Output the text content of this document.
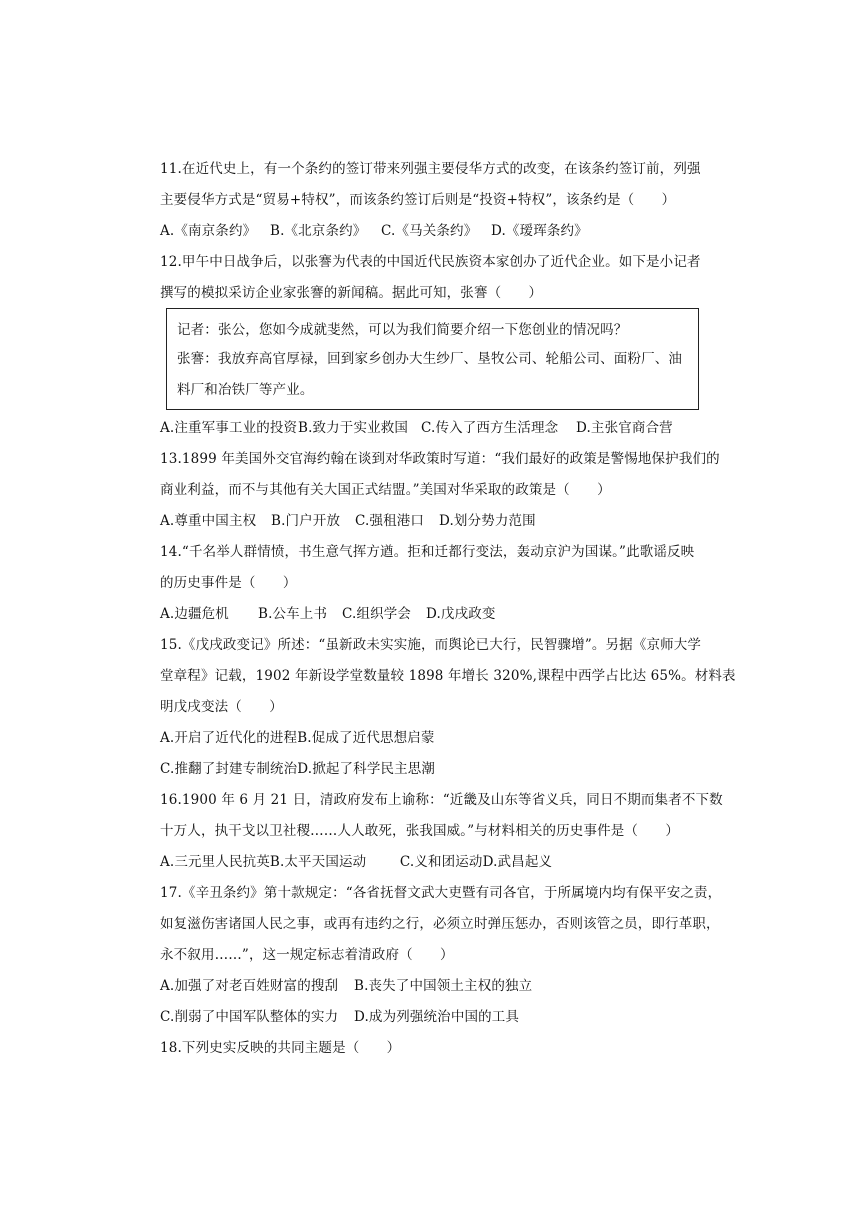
11.在近代史上，有一个条约的签订带来列强主要侵华方式的改变，在该条约签订前，列强
主要侵华方式是“贸易+特权”，而该条约签订后则是“投资+特权”，该条约是（　　）
A.《南京条约》 B.《北京条约》 C.《马关条约》 D.《瑷珲条约》
12.甲午中日战争后，以张謇为代表的中国近代民族资本家创办了近代企业。如下是小记者
撰写的模拟采访企业家张謇的新闻稿。据此可知，张謇（　　）
记者：张公，您如今成就斐然，可以为我们简要介绍一下您创业的情况吗？
张謇：我放弃高官厚禄，回到家乡创办大生纱厂、垦牧公司、轮船公司、面粉厂、油
料厂和冶铁厂等产业。
A.注重军事工业的投资B.致力于实业救国 C.传入了西方生活理念 D.主张官商合营
13.1899 年美国外交官海约翰在谈到对华政策时写道：“我们最好的政策是警惕地保护我们的
商业利益，而不与其他有关大国正式结盟。”美国对华采取的政策是（　　）
A.尊重中国主权 B.门户开放 C.强租港口 D.划分势力范围
14.“千名举人群情愤，书生意气挥方遒。拒和迁都行变法，轰动京沪为国谋。”此歌谣反映
的历史事件是（　　）
A.边疆危机 B.公车上书 C.组织学会 D.戊戌政变
15.《戊戌政变记》所述：“虽新政未实实施，而舆论已大行，民智骤增”。另据《京师大学
堂章程》记载，1902 年新设学堂数量较 1898 年增长 320%,课程中西学占比达 65%。材料表
明戊戌变法（　　）
A.开启了近代化的进程B.促成了近代思想启蒙
C.推翻了封建专制统治D.掀起了科学民主思潮
16.1900 年 6 月 21 日，清政府发布上谕称：“近畿及山东等省义兵，同日不期而集者不下数
十万人，执干戈以卫社稷……人人敢死，张我国威。”与材料相关的历史事件是（　　）
A.三元里人民抗英B.太平天国运动 C.义和团运动D.武昌起义
17.《辛丑条约》第十款规定：“各省抚督文武大吏暨有司各官，于所属境内均有保平安之责，
如复滋伤害诸国人民之事，或再有违约之行，必须立时弹压惩办，否则该管之员，即行革职，
永不叙用……”，这一规定标志着清政府（　　）
A.加强了对老百姓财富的搜刮 B.丧失了中国领土主权的独立
C.削弱了中国军队整体的实力 D.成为列强统治中国的工具
18.下列史实反映的共同主题是（　　）
